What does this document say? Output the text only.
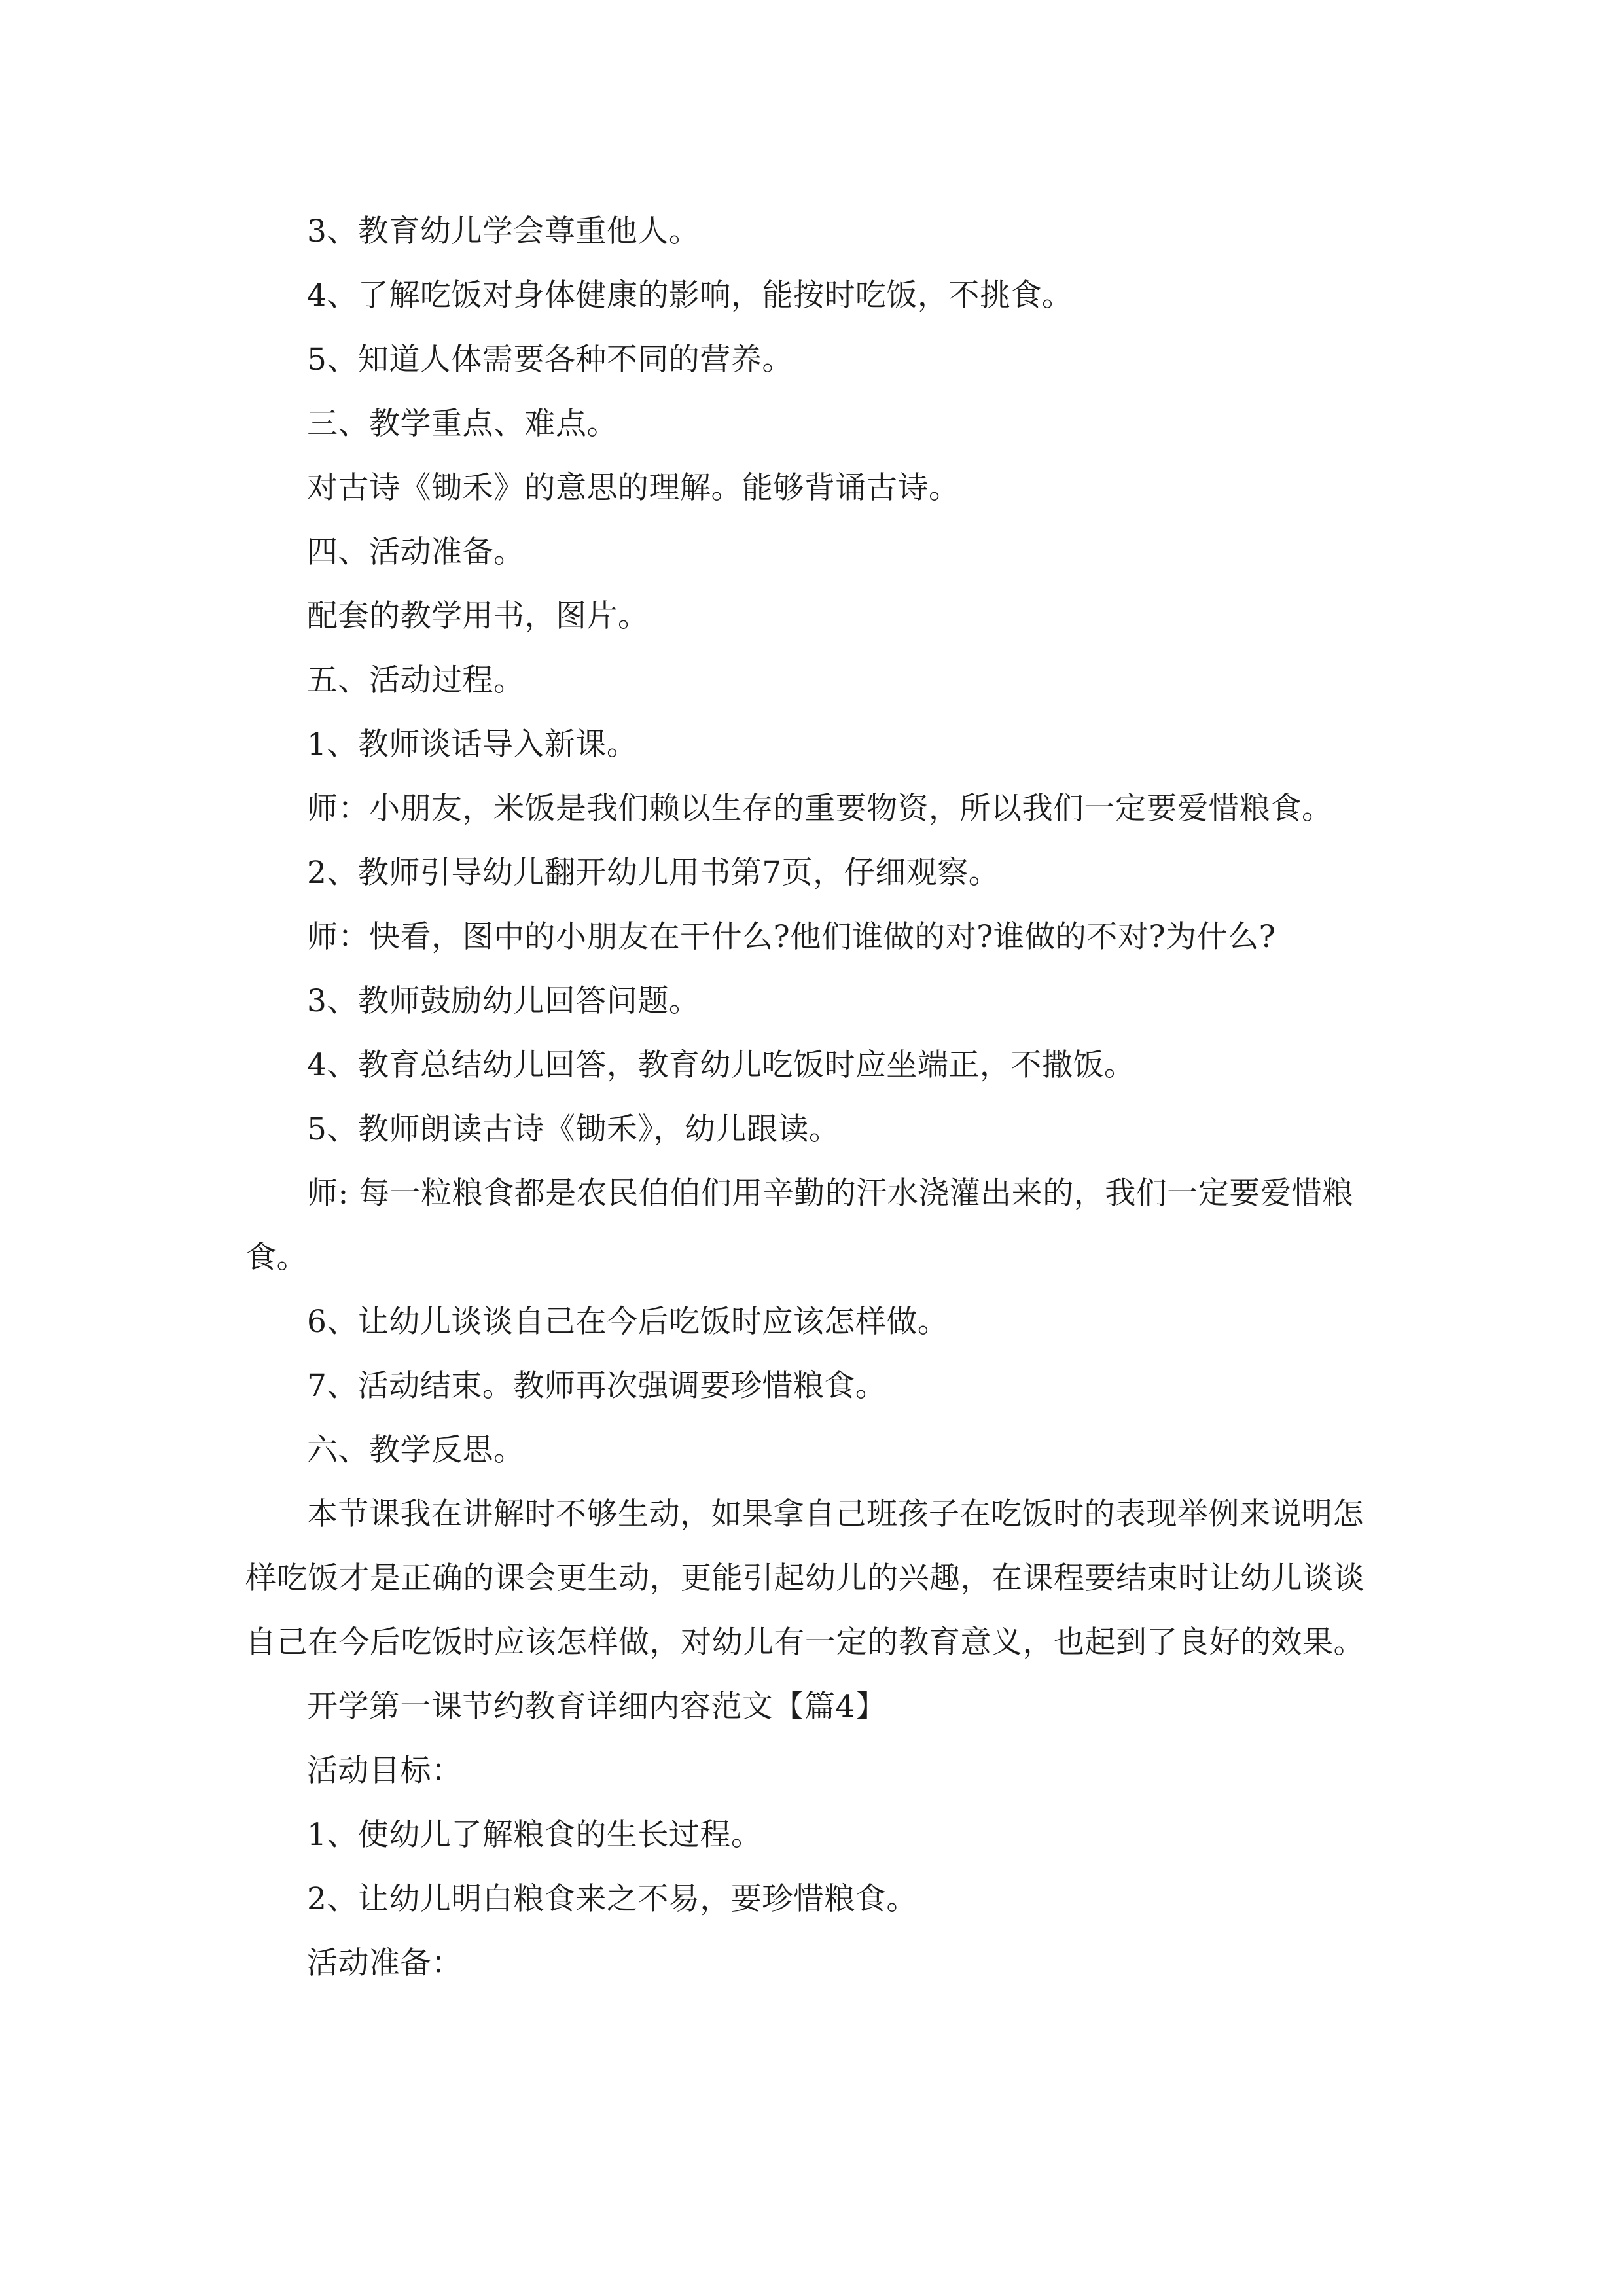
3、教育幼儿学会尊重他人。

4、了解吃饭对身体健康的影响，能按时吃饭，不挑食。

5、知道人体需要各种不同的营养。

三、教学重点、难点。

对古诗《锄禾》的意思的理解。能够背诵古诗。

四、活动准备。

配套的教学用书，图片。

五、活动过程。

1、教师谈话导入新课。

师：小朋友，米饭是我们赖以生存的重要物资，所以我们一定要爱惜粮食。

2、教师引导幼儿翻开幼儿用书第7页，仔细观察。

师：快看，图中的小朋友在干什么?他们谁做的对?谁做的不对?为什么?

3、教师鼓励幼儿回答问题。

4、教育总结幼儿回答，教育幼儿吃饭时应坐端正，不撒饭。

5、教师朗读古诗《锄禾》，幼儿跟读。

师: 每一粒粮食都是农民伯伯们用辛勤的汗水浇灌出来的，我们一定要爱惜粮食。

6、让幼儿谈谈自己在今后吃饭时应该怎样做。

7、活动结束。教师再次强调要珍惜粮食。

六、教学反思。

本节课我在讲解时不够生动，如果拿自己班孩子在吃饭时的表现举例来说明怎样吃饭才是正确的课会更生动，更能引起幼儿的兴趣，在课程要结束时让幼儿谈谈自己在今后吃饭时应该怎样做，对幼儿有一定的教育意义，也起到了良好的效果。

开学第一课节约教育详细内容范文【篇4】

活动目标：

1、使幼儿了解粮食的生长过程。

2、让幼儿明白粮食来之不易，要珍惜粮食。

活动准备：
